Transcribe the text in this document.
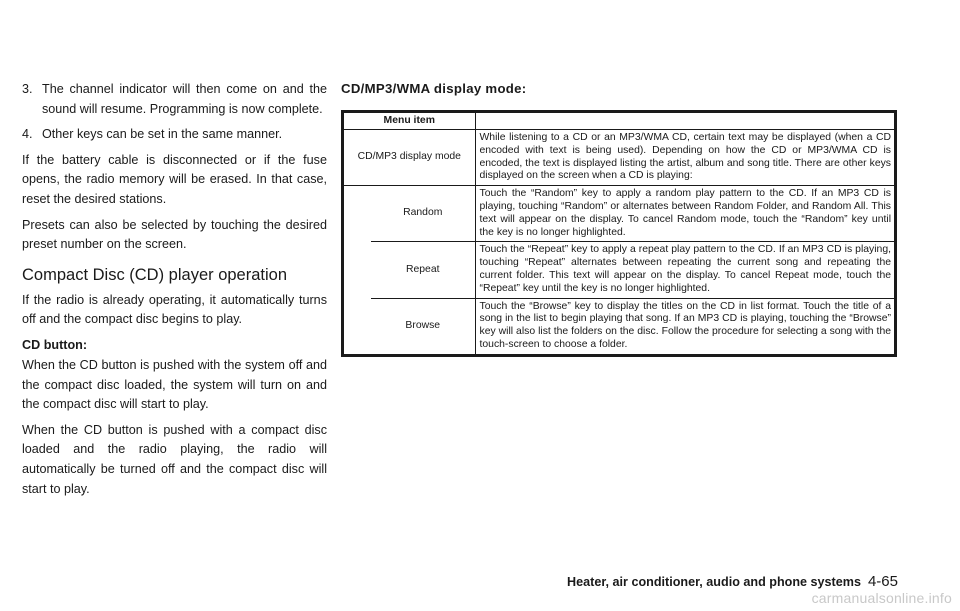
3. The channel indicator will then come on and the sound will resume. Programming is now complete.
4. Other keys can be set in the same manner.

If the battery cable is disconnected or if the fuse opens, the radio memory will be erased. In that case, reset the desired stations.

Presets can also be selected by touching the desired preset number on the screen.

Compact Disc (CD) player operation

If the radio is already operating, it automatically turns off and the compact disc begins to play.

CD button:

When the CD button is pushed with the system off and the compact disc loaded, the system will turn on and the compact disc will start to play.

When the CD button is pushed with a compact disc loaded and the radio playing, the radio will automatically be turned off and the compact disc will start to play.

CD/MP3/WMA display mode:
Menu item		
CD/MP3 display mode		While listening to a CD or an MP3/WMA CD, certain text may be displayed (when a CD encoded with text is being used). Depending on how the CD or MP3/WMA CD is encoded, the text is displayed listing the artist, album and song title. There are other keys displayed on the screen when a CD is playing:
	Random	Touch the “Random” key to apply a random play pattern to the CD. If an MP3 CD is playing, touching “Random” or alternates between Random Folder, and Random All. This text will appear on the display. To cancel Random mode, touch the “Random” key until the key is no longer highlighted.
	Repeat	Touch the “Repeat” key to apply a repeat play pattern to the CD. If an MP3 CD is playing, touching “Repeat” alternates between repeating the current song and repeating the current folder. This text will appear on the display. To cancel Repeat mode, touch the “Repeat” key until the key is no longer highlighted.
	Browse	Touch the “Browse” key to display the titles on the CD in list format. Touch the title of a song in the list to begin playing that song. If an MP3 CD is playing, touching the “Browse” key will also list the folders on the disc. Follow the procedure for selecting a song with the touch-screen to choose a folder.
Heater, air conditioner, audio and phone systems 4-65
carmanualsonline.info
